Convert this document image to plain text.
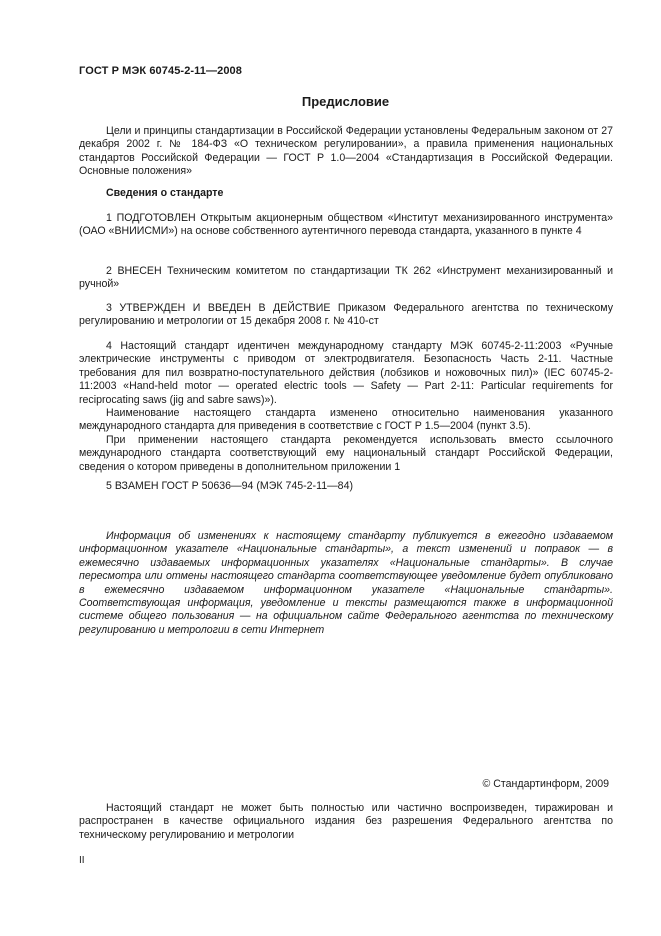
ГОСТ Р МЭК 60745-2-11—2008
Предисловие
Цели и принципы стандартизации в Российской Федерации установлены Федеральным законом от 27 декабря 2002 г. № 184-ФЗ «О техническом регулировании», а правила применения национальных стандартов Российской Федерации — ГОСТ Р 1.0—2004 «Стандартизация в Российской Федерации. Основные положения»
Сведения о стандарте
1 ПОДГОТОВЛЕН Открытым акционерным обществом «Институт механизированного инструмента» (ОАО «ВНИИСМИ») на основе собственного аутентичного перевода стандарта, указанного в пункте 4
2 ВНЕСЕН Техническим комитетом по стандартизации ТК 262 «Инструмент механизированный и ручной»
3 УТВЕРЖДЕН И ВВЕДЕН В ДЕЙСТВИЕ Приказом Федерального агентства по техническому регулированию и метрологии от 15 декабря 2008 г. № 410-ст
4 Настоящий стандарт идентичен международному стандарту МЭК 60745-2-11:2003 «Ручные электрические инструменты с приводом от электродвигателя. Безопасность Часть 2-11. Частные требования для пил возвратно-поступательного действия (лобзиков и ножовочных пил)» (IEC 60745-2-11:2003 «Hand-held motor — operated electric tools — Safety — Part 2-11: Particular requirements for reciprocating saws (jig and sabre saws)»).
Наименование настоящего стандарта изменено относительно наименования указанного международного стандарта для приведения в соответствие с ГОСТ Р 1.5—2004 (пункт 3.5).
При применении настоящего стандарта рекомендуется использовать вместо ссылочного международного стандарта соответствующий ему национальный стандарт Российской Федерации, сведения о котором приведены в дополнительном приложении 1
5 ВЗАМЕН ГОСТ Р 50636—94 (МЭК 745-2-11—84)
Информация об изменениях к настоящему стандарту публикуется в ежегодно издаваемом информационном указателе «Национальные стандарты», а текст изменений и поправок — в ежемесячно издаваемых информационных указателях «Национальные стандарты». В случае пересмотра или отмены настоящего стандарта соответствующее уведомление будет опубликовано в ежемесячно издаваемом информационном указателе «Национальные стандарты». Соответствующая информация, уведомление и тексты размещаются также в информационной системе общего пользования — на официальном сайте Федерального агентства по техническому регулированию и метрологии в сети Интернет
© Стандартинформ, 2009
Настоящий стандарт не может быть полностью или частично воспроизведен, тиражирован и распространен в качестве официального издания без разрешения Федерального агентства по техническому регулированию и метрологии
II
